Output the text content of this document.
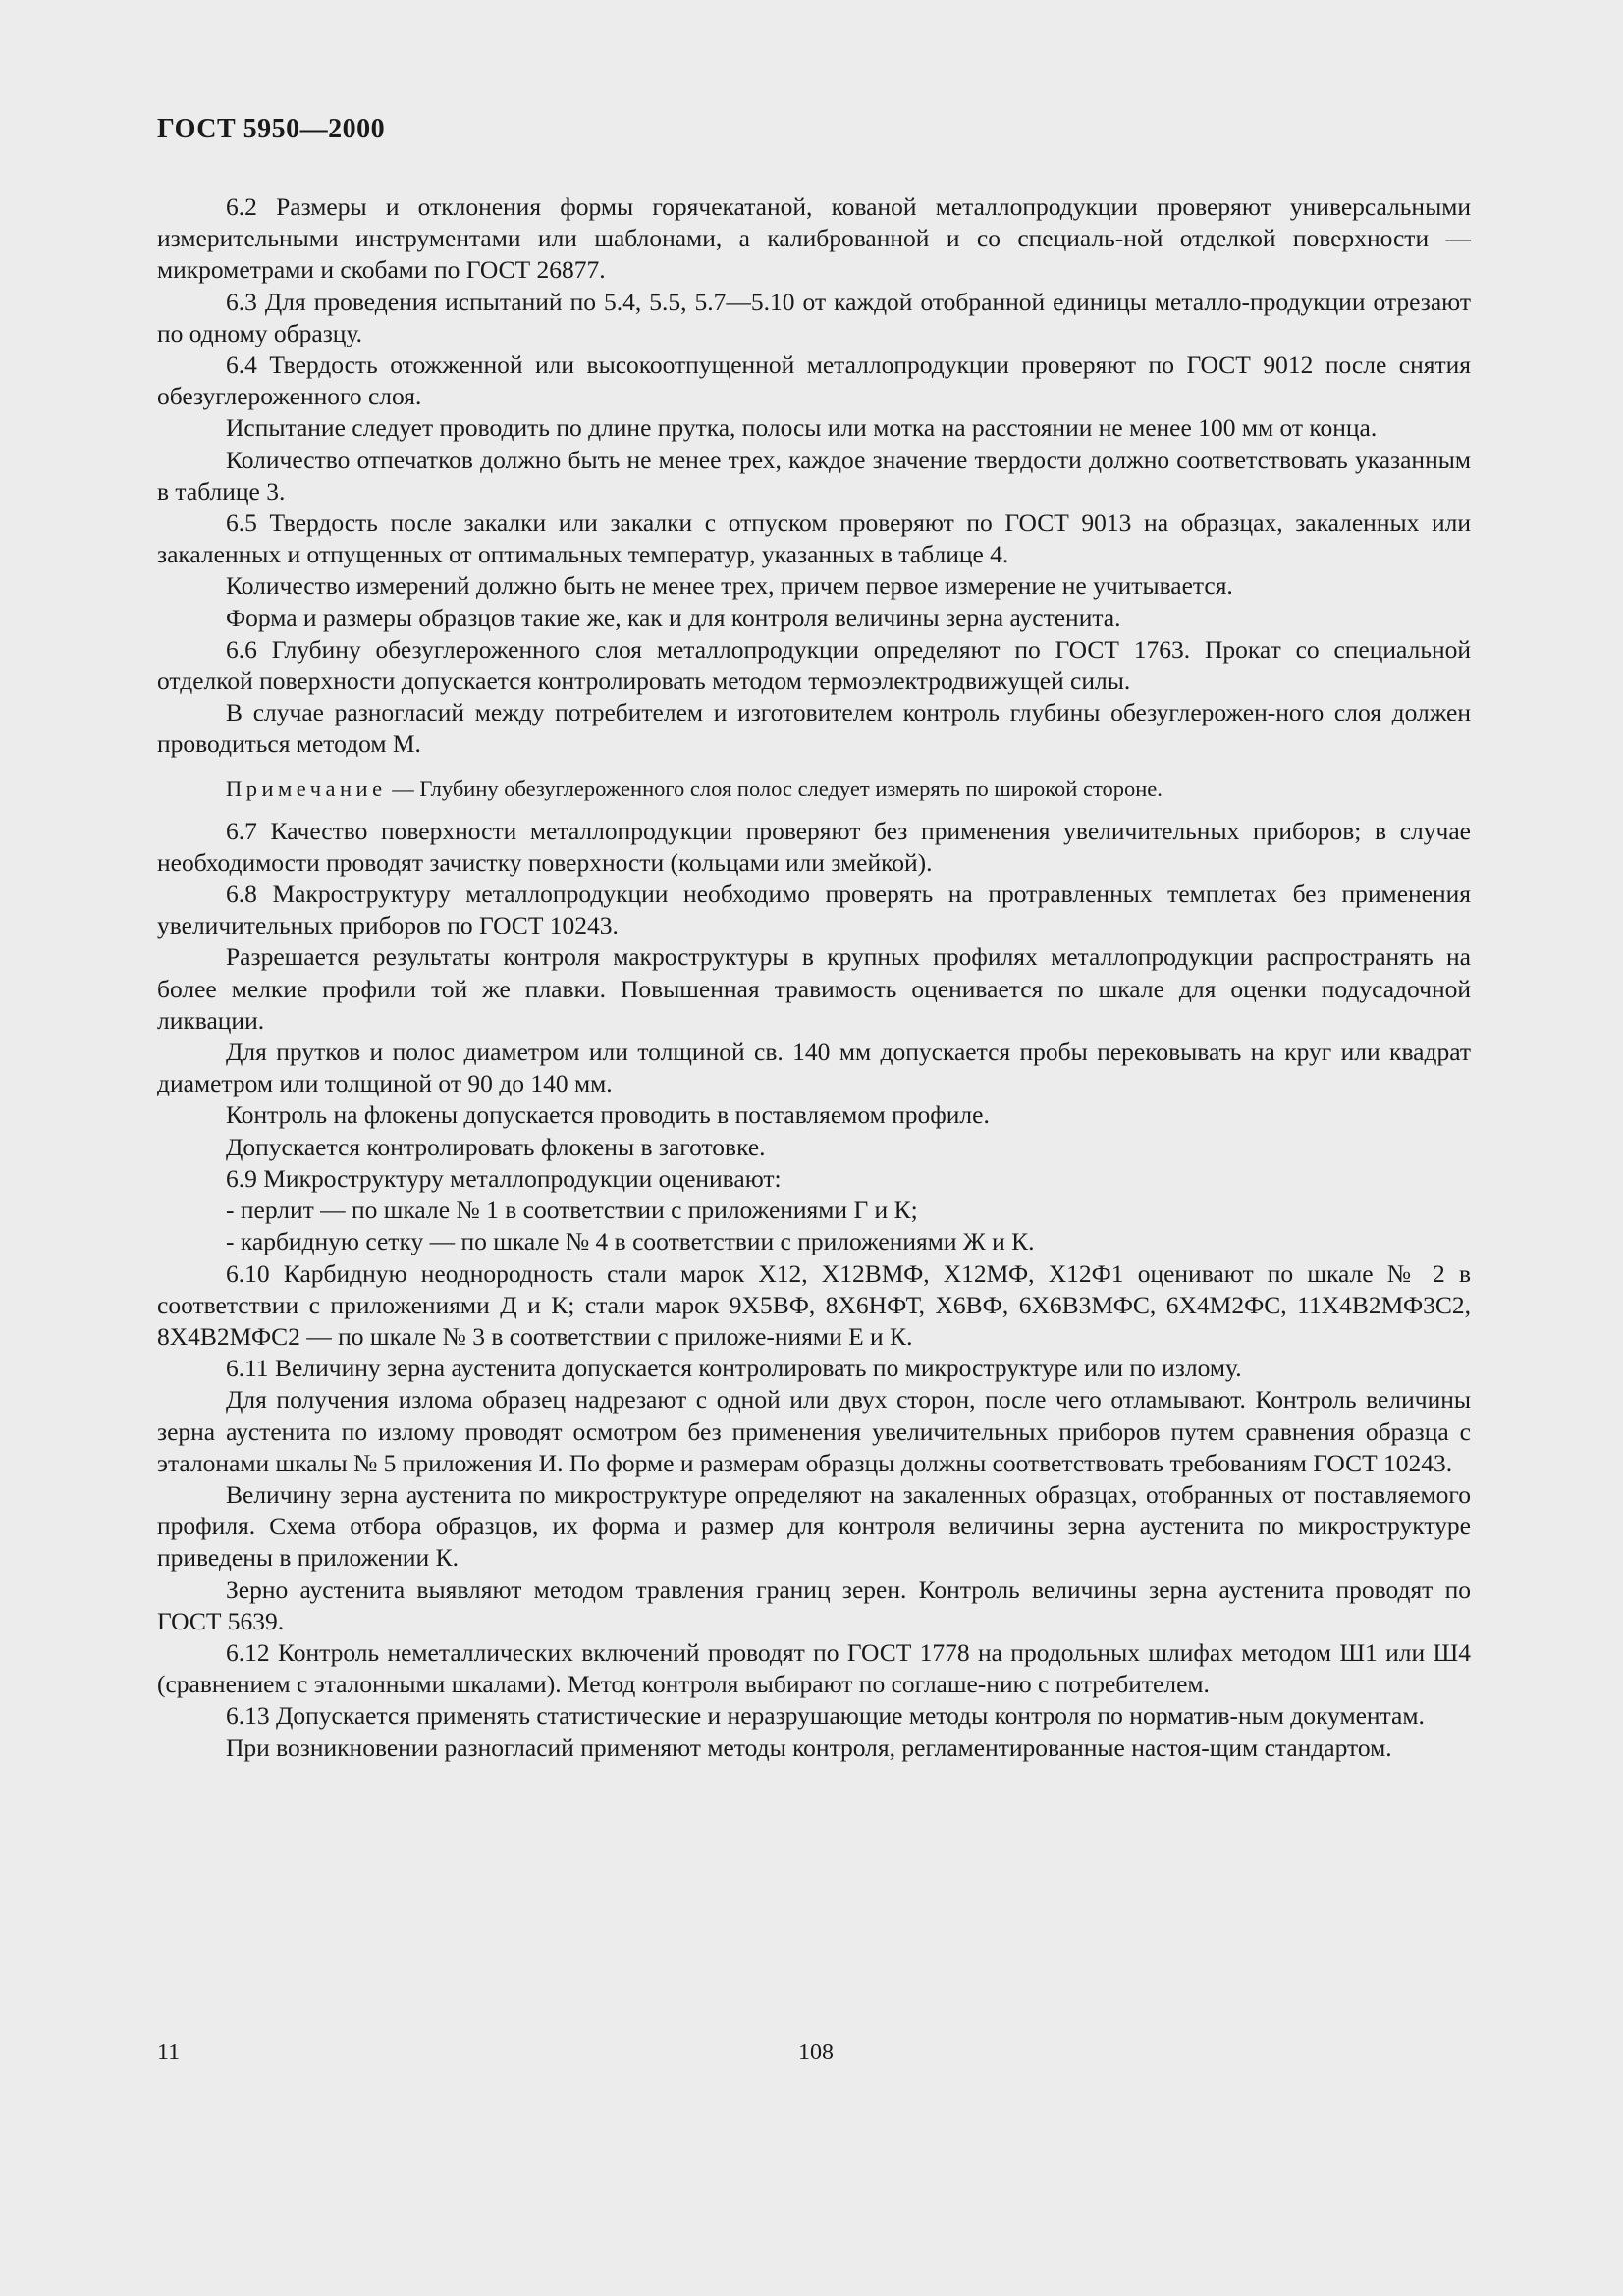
ГОСТ 5950—2000

6.2 Размеры и отклонения формы горячекатаной, кованой металлопродукции проверяют универсальными измерительными инструментами или шаблонами, а калиброванной и со специаль-ной отделкой поверхности — микрометрами и скобами по ГОСТ 26877.

6.3 Для проведения испытаний по 5.4, 5.5, 5.7—5.10 от каждой отобранной единицы металло-продукции отрезают по одному образцу.

6.4 Твердость отожженной или высокоотпущенной металлопродукции проверяют по ГОСТ 9012 после снятия обезуглероженного слоя.

Испытание следует проводить по длине прутка, полосы или мотка на расстоянии не менее 100 мм от конца.

Количество отпечатков должно быть не менее трех, каждое значение твердости должно соответствовать указанным в таблице 3.

6.5 Твердость после закалки или закалки с отпуском проверяют по ГОСТ 9013 на образцах, закаленных или закаленных и отпущенных от оптимальных температур, указанных в таблице 4.

Количество измерений должно быть не менее трех, причем первое измерение не учитывается.

Форма и размеры образцов такие же, как и для контроля величины зерна аустенита.

6.6 Глубину обезуглероженного слоя металлопродукции определяют по ГОСТ 1763. Прокат со специальной отделкой поверхности допускается контролировать методом термоэлектродвижущей силы.

В случае разногласий между потребителем и изготовителем контроль глубины обезуглерожен-ного слоя должен проводиться методом М.

Примечание — Глубину обезуглероженного слоя полос следует измерять по широкой стороне.

6.7 Качество поверхности металлопродукции проверяют без применения увеличительных приборов; в случае необходимости проводят зачистку поверхности (кольцами или змейкой).

6.8 Макроструктуру металлопродукции необходимо проверять на протравленных темплетах без применения увеличительных приборов по ГОСТ 10243.

Разрешается результаты контроля макроструктуры в крупных профилях металлопродукции распространять на более мелкие профили той же плавки. Повышенная травимость оценивается по шкале для оценки подусадочной ликвации.

Для прутков и полос диаметром или толщиной св. 140 мм допускается пробы перековывать на круг или квадрат диаметром или толщиной от 90 до 140 мм.

Контроль на флокены допускается проводить в поставляемом профиле.

Допускается контролировать флокены в заготовке.

6.9 Микроструктуру металлопродукции оценивают:

- перлит — по шкале № 1 в соответствии с приложениями Г и К;

- карбидную сетку — по шкале № 4 в соответствии с приложениями Ж и К.

6.10 Карбидную неоднородность стали марок Х12, Х12ВМФ, Х12МФ, Х12Ф1 оценивают по шкале № 2 в соответствии с приложениями Д и К; стали марок 9Х5ВФ, 8Х6НФТ, Х6ВФ, 6Х6В3МФС, 6Х4М2ФС, 11Х4В2МФ3С2, 8Х4В2МФС2 — по шкале № 3 в соответствии с приложе-ниями Е и К.

6.11 Величину зерна аустенита допускается контролировать по микроструктуре или по излому.

Для получения излома образец надрезают с одной или двух сторон, после чего отламывают. Контроль величины зерна аустенита по излому проводят осмотром без применения увеличительных приборов путем сравнения образца с эталонами шкалы № 5 приложения И. По форме и размерам образцы должны соответствовать требованиям ГОСТ 10243.

Величину зерна аустенита по микроструктуре определяют на закаленных образцах, отобранных от поставляемого профиля. Схема отбора образцов, их форма и размер для контроля величины зерна аустенита по микроструктуре приведены в приложении К.

Зерно аустенита выявляют методом травления границ зерен. Контроль величины зерна аустенита проводят по ГОСТ 5639.

6.12 Контроль неметаллических включений проводят по ГОСТ 1778 на продольных шлифах методом Ш1 или Ш4 (сравнением с эталонными шкалами). Метод контроля выбирают по соглаше-нию с потребителем.

6.13 Допускается применять статистические и неразрушающие методы контроля по норматив-ным документам.

При возникновении разногласий применяют методы контроля, регламентированные настоя-щим стандартом.

11	108
